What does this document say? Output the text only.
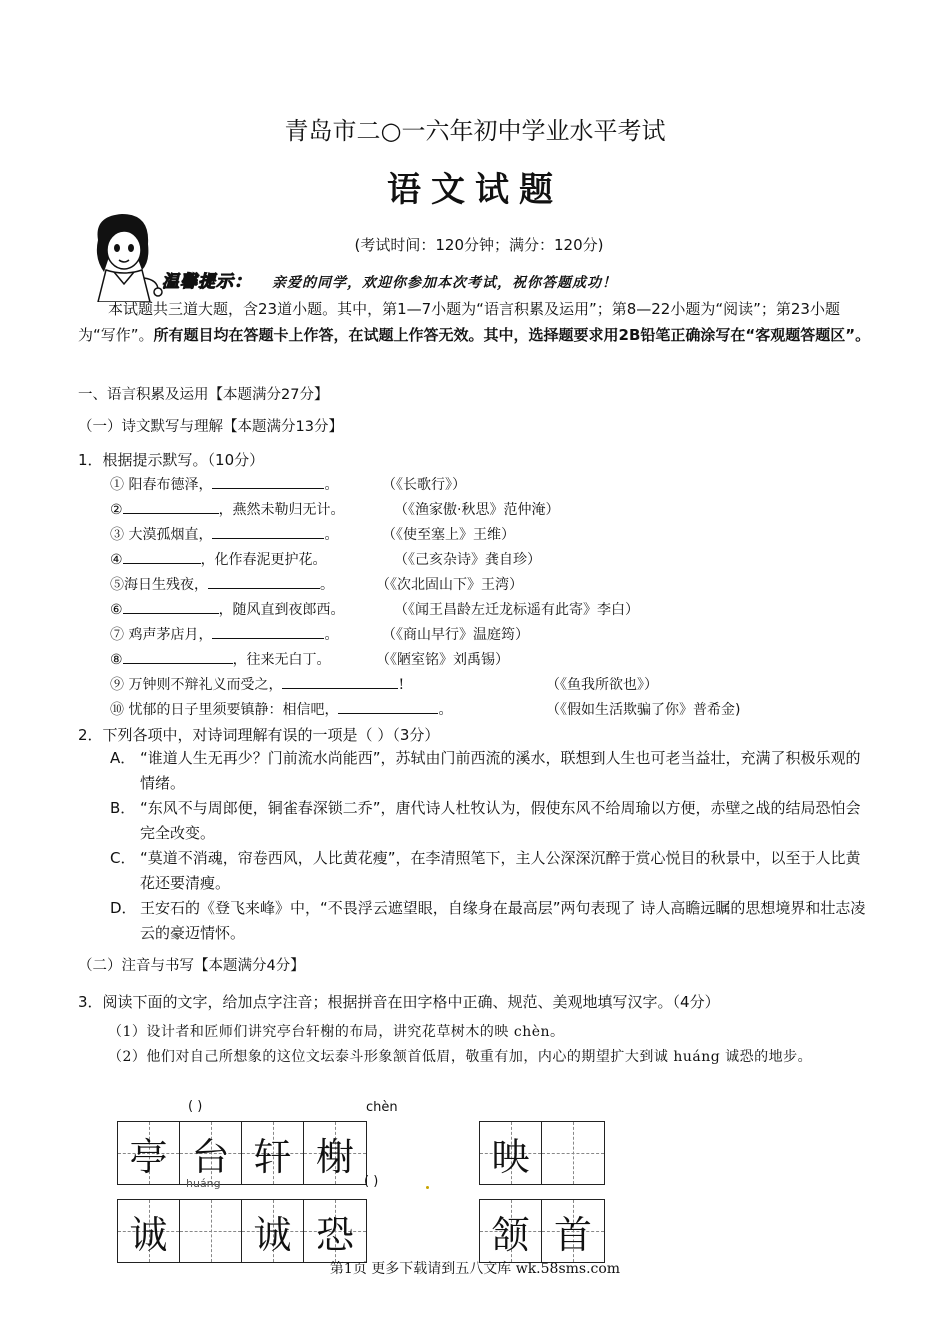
青岛市二○一六年初中学业水平考试
语文试题
(考试时间：120分钟；满分：120分)
温馨提示： 亲爱的同学，欢迎你参加本次考试，祝你答题成功！
本试题共三道大题，含23道小题。其中，第1—7小题为“语言积累及运用”；第8—22小题为“阅读”；第23小题为“写作”。所有题目均在答题卡上作答，在试题上作答无效。其中，选择题要求用2B铅笔正确涂写在“客观题答题区”。
一、语言积累及运用【本题满分27分】
（一）诗文默写与理解【本题满分13分】
1．根据提示默写。（10分）
① 阳春布德泽，	。	（《长歌行》）
②	，燕然未勒归无计。	（《渔家傲·秋思》范仲淹）
③ 大漠孤烟直，	。	（《使至塞上》王维）
④	，化作春泥更护花。	（《己亥杂诗》龚自珍）
⑤海日生残夜，	。	（《次北固山下》王湾）
⑥	，随风直到夜郎西。	（《闻王昌龄左迁龙标遥有此寄》李白）
⑦ 鸡声茅店月，	。	（《商山早行》温庭筠）
⑧	，往来无白丁。	（《陋室铭》刘禹锡）
⑨ 万钟则不辩礼义而受之，	!	（《鱼我所欲也》）
⑩ 忧郁的日子里须要镇静：相信吧，	。	（《假如生活欺骗了你》普希金)
2．下列各项中，对诗词理解有误的一项是（ ）（3分）
A． “谁道人生无再少？门前流水尚能西”，苏轼由门前西流的溪水，联想到人生也可老当益壮，充满了积极乐观的情绪。
B． “东风不与周郎便，铜雀春深锁二乔”，唐代诗人杜牧认为，假使东风不给周瑜以方便，赤壁之战的结局恐怕会完全改变。
C． “莫道不消魂，帘卷西风，人比黄花瘦”，在李清照笔下，主人公深深沉醉于赏心悦目的秋景中，以至于人比黄花还要清瘦。
D． 王安石的《登飞来峰》中，“不畏浮云遮望眼，自缘身在最高层”两句表现了 诗人高瞻远瞩的思想境界和壮志凌云的豪迈情怀。
（二）注音与书写【本题满分4分】
3．阅读下面的文字，给加点字注音；根据拼音在田字格中正确、规范、美观地填写汉字。（4分）
（1）设计者和匠师们讲究亭台轩榭的布局，讲究花草树木的映 chèn。
（2）他们对自己所想象的这位文坛泰斗形象颔首低眉，敬重有加，内心的期望扩大到诚 huáng 诚恐的地步。
( )	chèn
亭 台 轩 榭	映
huáng	( )
诚 诚 恐	颔 首
第1页 更多下载请到五八文库 wk.58sms.com
